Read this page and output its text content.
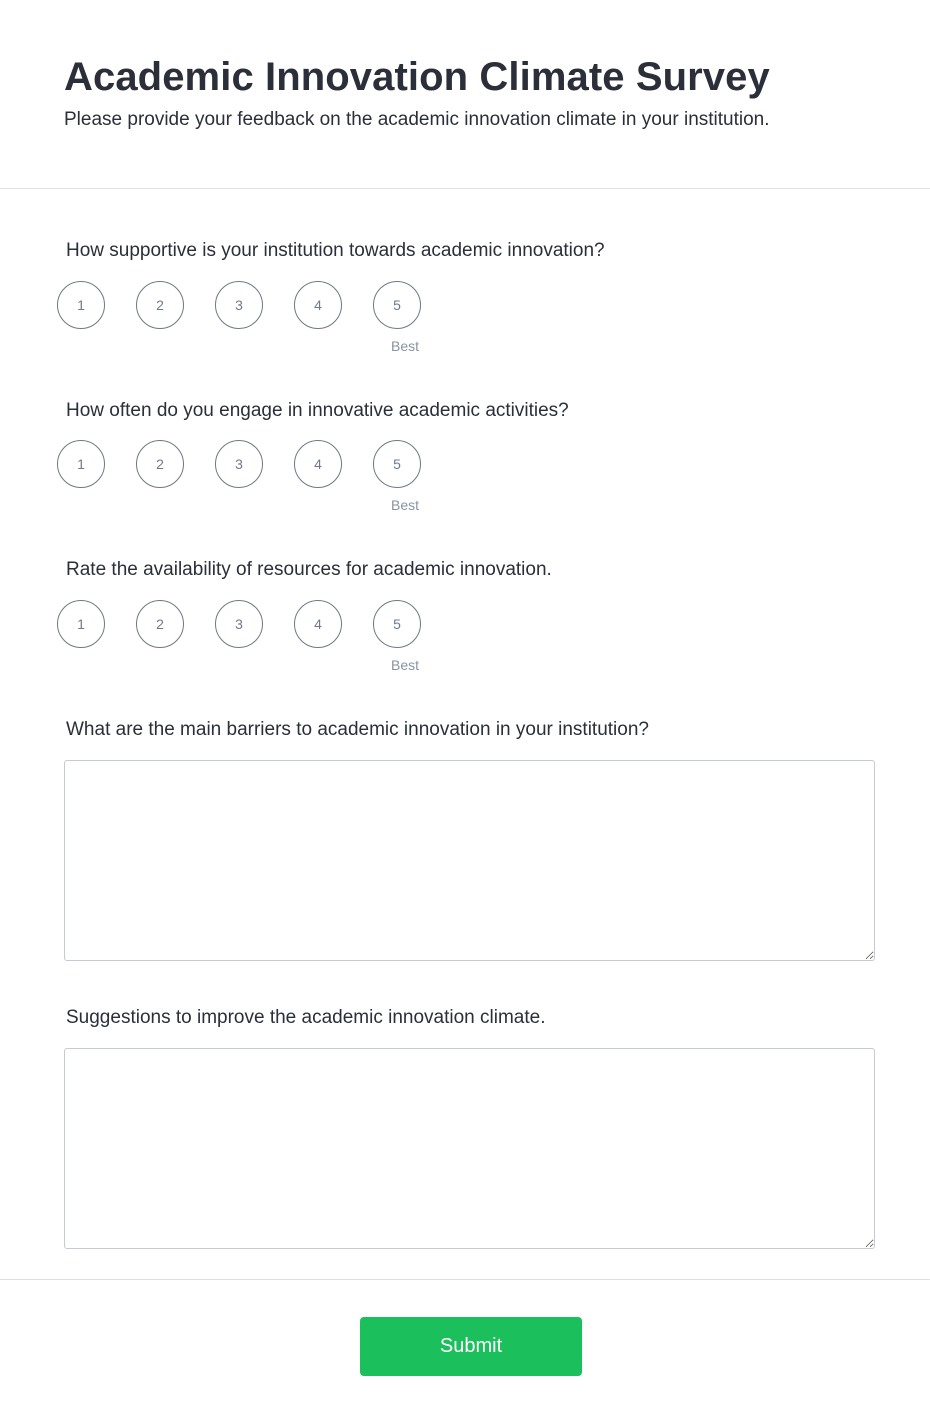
Academic Innovation Climate Survey

Please provide your feedback on the academic innovation climate in your institution.

How supportive is your institution towards academic innovation?

1	2	3	4	5
Best

How often do you engage in innovative academic activities?

1	2	3	4	5
Best

Rate the availability of resources for academic innovation.

1	2	3	4	5
Best

What are the main barriers to academic innovation in your institution?

Suggestions to improve the academic innovation climate.

Submit
